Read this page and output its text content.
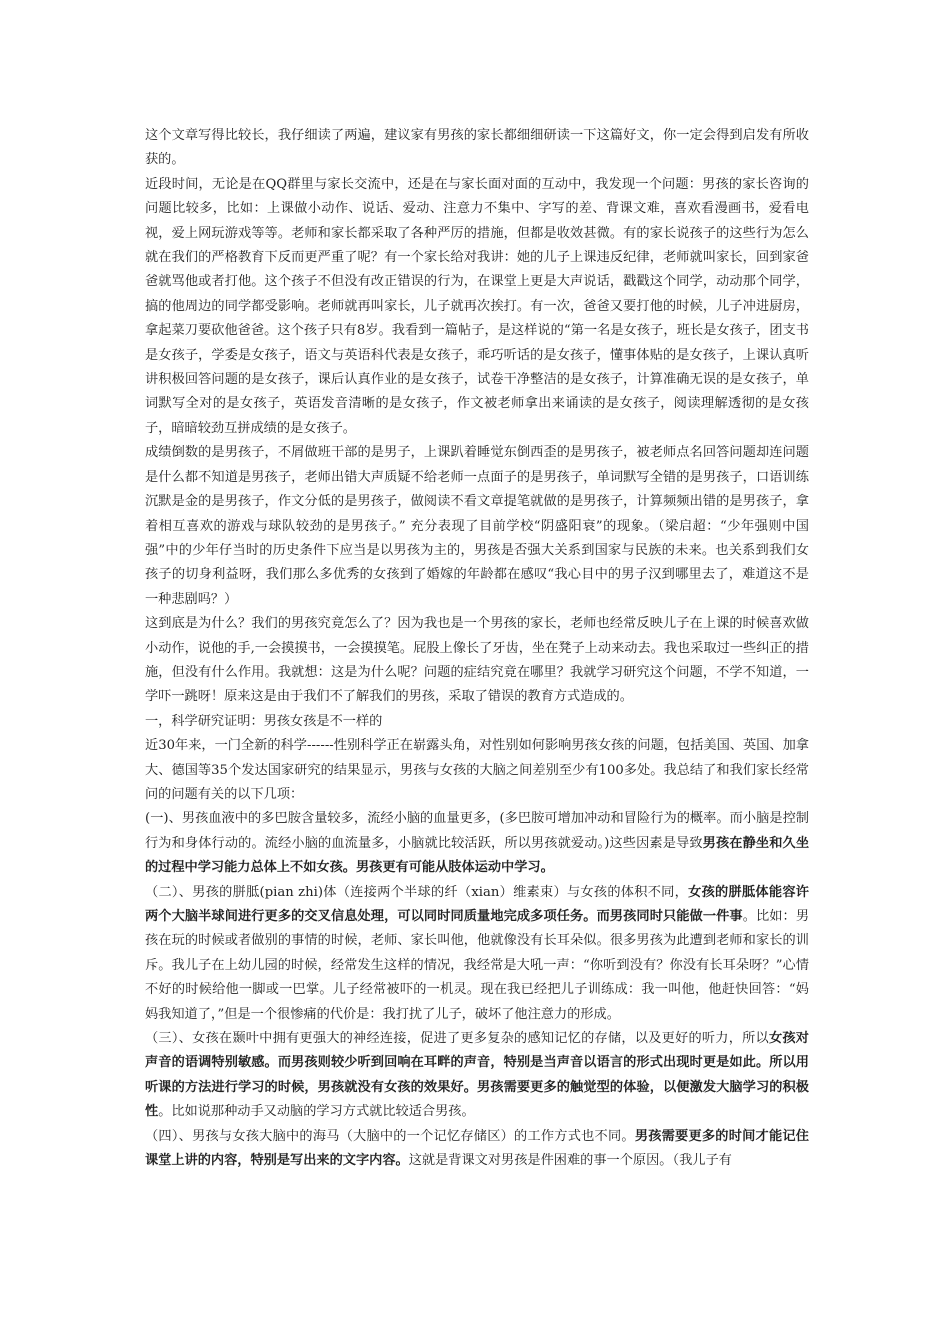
这个文章写得比较长，我仔细读了两遍，建议家有男孩的家长都细细研读一下这篇好文，你一定会得到启发有所收获的。

近段时间，无论是在QQ群里与家长交流中，还是在与家长面对面的互动中，我发现一个问题：男孩的家长咨询的问题比较多，比如：上课做小动作、说话、爱动、注意力不集中、字写的差、背课文难，喜欢看漫画书，爱看电视，爱上网玩游戏等等。老师和家长都采取了各种严厉的措施，但都是收效甚微。有的家长说孩子的这些行为怎么就在我们的严格教育下反而更严重了呢？有一个家长给对我讲：她的儿子上课违反纪律，老师就叫家长，回到家爸爸就骂他或者打他。这个孩子不但没有改正错误的行为，在课堂上更是大声说话，戳戳这个同学，动动那个同学，搞的他周边的同学都受影响。老师就再叫家长，儿子就再次挨打。有一次，爸爸又要打他的时候，儿子冲进厨房，拿起菜刀要砍他爸爸。这个孩子只有8岁。我看到一篇帖子，是这样说的“第一名是女孩子，班长是女孩子，团支书是女孩子，学委是女孩子，语文与英语科代表是女孩子，乖巧听话的是女孩子，懂事体贴的是女孩子，上课认真听讲积极回答问题的是女孩子，课后认真作业的是女孩子，试卷干净整洁的是女孩子，计算准确无误的是女孩子，单词默写全对的是女孩子，英语发音清晰的是女孩子，作文被老师拿出来诵读的是女孩子，阅读理解透彻的是女孩子，暗暗较劲互拼成绩的是女孩子。

成绩倒数的是男孩子，不屑做班干部的是男子，上课趴着睡觉东倒西歪的是男孩子，被老师点名回答问题却连问题是什么都不知道是男孩子，老师出错大声质疑不给老师一点面子的是男孩子，单词默写全错的是男孩子，口语训练沉默是金的是男孩子，作文分低的是男孩子，做阅读不看文章提笔就做的是男孩子，计算频频出错的是男孩子，拿着相互喜欢的游戏与球队较劲的是男孩子。” 充分表现了目前学校“阴盛阳衰”的现象。（梁启超：“少年强则中国强”中的少年仔当时的历史条件下应当是以男孩为主的，男孩是否强大关系到国家与民族的未来。也关系到我们女孩子的切身利益呀，我们那么多优秀的女孩到了婚嫁的年龄都在感叹“我心目中的男子汉到哪里去了，难道这不是一种悲剧吗？）

这到底是为什么？我们的男孩究竟怎么了？因为我也是一个男孩的家长，老师也经常反映儿子在上课的时候喜欢做小动作，说他的手,一会摸摸书，一会摸摸笔。屁股上像长了牙齿，坐在凳子上动来动去。我也采取过一些纠正的措施，但没有什么作用。我就想：这是为什么呢？问题的症结究竟在哪里？我就学习研究这个问题，不学不知道，一学吓一跳呀！原来这是由于我们不了解我们的男孩，采取了错误的教育方式造成的。

一，科学研究证明：男孩女孩是不一样的

近30年来，一门全新的科学------性别科学正在崭露头角，对性别如何影响男孩女孩的问题，包括美国、英国、加拿大、德国等35个发达国家研究的结果显示，男孩与女孩的大脑之间差别至少有100多处。我总结了和我们家长经常问的问题有关的以下几项：

(一)、男孩血液中的多巴胺含量较多，流经小脑的血量更多，(多巴胺可增加冲动和冒险行为的概率。而小脑是控制行为和身体行动的。流经小脑的血流量多，小脑就比较活跃，所以男孩就爱动。)这些因素是导致男孩在静坐和久坐的过程中学习能力总体上不如女孩。男孩更有可能从肢体运动中学习。

（二）、男孩的胼胝(pian zhi)体（连接两个半球的纤（xian）维素束）与女孩的体积不同，女孩的胼胝体能容许两个大脑半球间进行更多的交叉信息处理，可以同时同质量地完成多项任务。而男孩同时只能做一件事。比如：男孩在玩的时候或者做别的事情的时候，老师、家长叫他，他就像没有长耳朵似。很多男孩为此遭到老师和家长的训斥。我儿子在上幼儿园的时候，经常发生这样的情况，我经常是大吼一声：“你听到没有？你没有长耳朵呀？”心情不好的时候给他一脚或一巴掌。儿子经常被吓的一机灵。现在我已经把儿子训练成：我一叫他，他赶快回答：“妈妈我知道了，”但是一个很惨痛的代价是：我打扰了儿子，破坏了他注意力的形成。

（三）、女孩在颞叶中拥有更强大的神经连接，促进了更多复杂的感知记忆的存储，以及更好的听力，所以女孩对声音的语调特别敏感。而男孩则较少听到回响在耳畔的声音，特别是当声音以语言的形式出现时更是如此。所以用听课的方法进行学习的时候，男孩就没有女孩的效果好。男孩需要更多的触觉型的体验，以便激发大脑学习的积极性。比如说那种动手又动脑的学习方式就比较适合男孩。

（四）、男孩与女孩大脑中的海马（大脑中的一个记忆存储区）的工作方式也不同。男孩需要更多的时间才能记住课堂上讲的内容，特别是写出来的文字内容。这就是背课文对男孩是件困难的事一个原因。（我儿子有
